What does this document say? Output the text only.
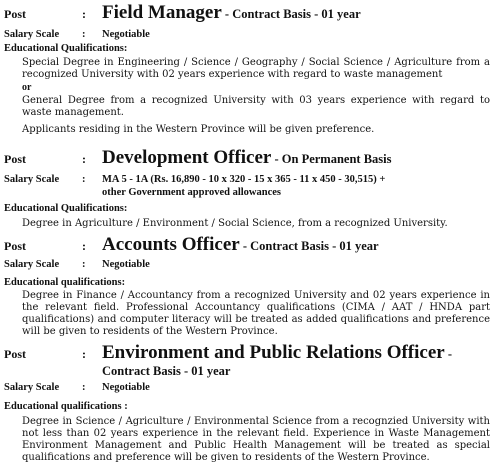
Post	: Field Manager - Contract Basis - 01 year
Salary Scale : Negotiable
Educational Qualifications:
Special Degree in Engineering / Science / Geography / Social Science / Agriculture from a recognized University with 02 years experience with regard to waste management
or
General Degree from a recognized University with 03 years experience with regard to waste management.
Applicants residing in the Western Province will be given preference.
Post	: Development Officer - On Permanent Basis
Salary Scale : MA 5 - 1A (Rs. 16,890 - 10 x 320 - 15 x 365 - 11 x 450 - 30,515) +
other Government approved allowances
Educational Qualifications:
Degree in Agriculture / Environment / Social Science, from a recognized University.
Post	: Accounts Officer - Contract Basis - 01 year
Salary Scale : Negotiable
Educational qualifications:
Degree in Finance / Accountancy from a recognized University and 02 years experience in the relevant field. Professional Accountancy qualifications (CIMA / AAT / HNDA part qualifications) and computer literacy will be treated as added qualifications and preference will be given to residents of the Western Province.
Post	: Environment and Public Relations Officer -
Contract Basis - 01 year
Salary Scale : Negotiable
Educational qualifications :
Degree in Science / Agriculture / Environmental Science from a recognzied University with not less than 02 years experience in the relevant field. Experience in Waste Management Environment Management and Public Health Management will be treated as special qualifications and preference will be given to residents of the Western Province.
